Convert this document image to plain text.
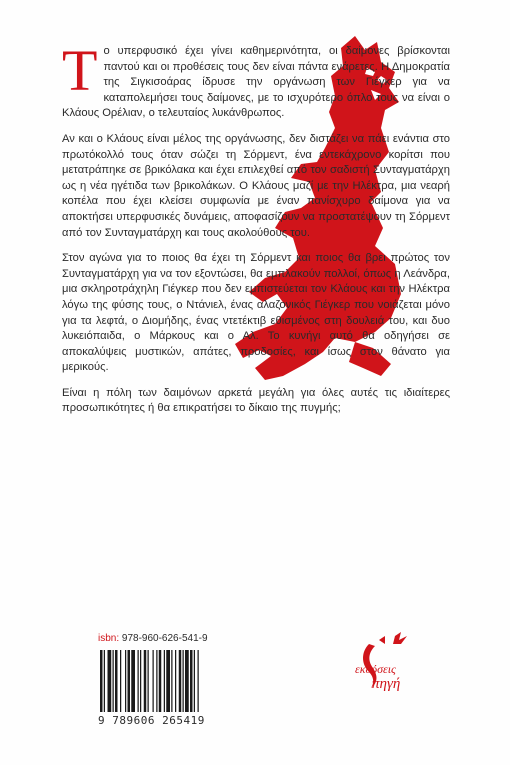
Το υπερφυσικό έχει γίνει καθημερινότητα, οι δαίμονες βρίσκονται παντού και οι προθέσεις τους δεν είναι πάντα ενάρετες. Η Δημοκρατία της Σιγκισοάρας ίδρυσε την οργάνωση των Γιέγκερ για να καταπολεμήσει τους δαίμονες, με το ισχυρότερο όπλο τους να είναι ο Κλάους Ορέλιαν, ο τελευταίος λυκάνθρωπος.

Αν και ο Κλάους είναι μέλος της οργάνωσης, δεν διστάζει να πάει ενάντια στο πρωτόκολλό τους όταν σώζει τη Σόρμεντ, ένα εντεκάχρονο κορίτσι που μετατράπηκε σε βρικόλακα και έχει επιλεχθεί από τον σαδιστή Συνταγματάρχη ως η νέα ηγέτιδα των βρικολάκων. Ο Κλάους μαζί με την Ηλέκτρα, μια νεαρή κοπέλα που έχει κλείσει συμφωνία με έναν πανίσχυρο δαίμονα για να αποκτήσει υπερφυσικές δυνάμεις, αποφασίζουν να προστατέψουν τη Σόρμεντ από τον Συνταγματάρχη και τους ακολούθους του.

Στον αγώνα για το ποιος θα έχει τη Σόρμεντ και ποιος θα βρει πρώτος τον Συνταγματάρχη για να τον εξοντώσει, θα εμπλακούν πολλοί, όπως η Λεάνδρα, μια σκληροτράχηλη Γιέγκερ που δεν εμπιστεύεται τον Κλάους και την Ηλέκτρα λόγω της φύσης τους, ο Ντάνιελ, ένας αλαζονικός Γιέγκερ που νοιάζεται μόνο για τα λεφτά, ο Διομήδης, ένας ντετέκτιβ εθισμένος στη δουλειά του, και δυο λυκειόπαιδα, ο Μάρκους και ο Αλ. Το κυνήγι αυτό θα οδηγήσει σε αποκαλύψεις μυστικών, απάτες, προδοσίες, και ίσως στον θάνατο για μερικούς.

Είναι η πόλη των δαιμόνων αρκετά μεγάλη για όλες αυτές τις ιδιαίτερες προσωπικότητες ή θα επικρατήσει το δίκαιο της πυγμής;

isbn: 978-960-626-541-9
9 789606 265419
εκδόσεις
πηγή
